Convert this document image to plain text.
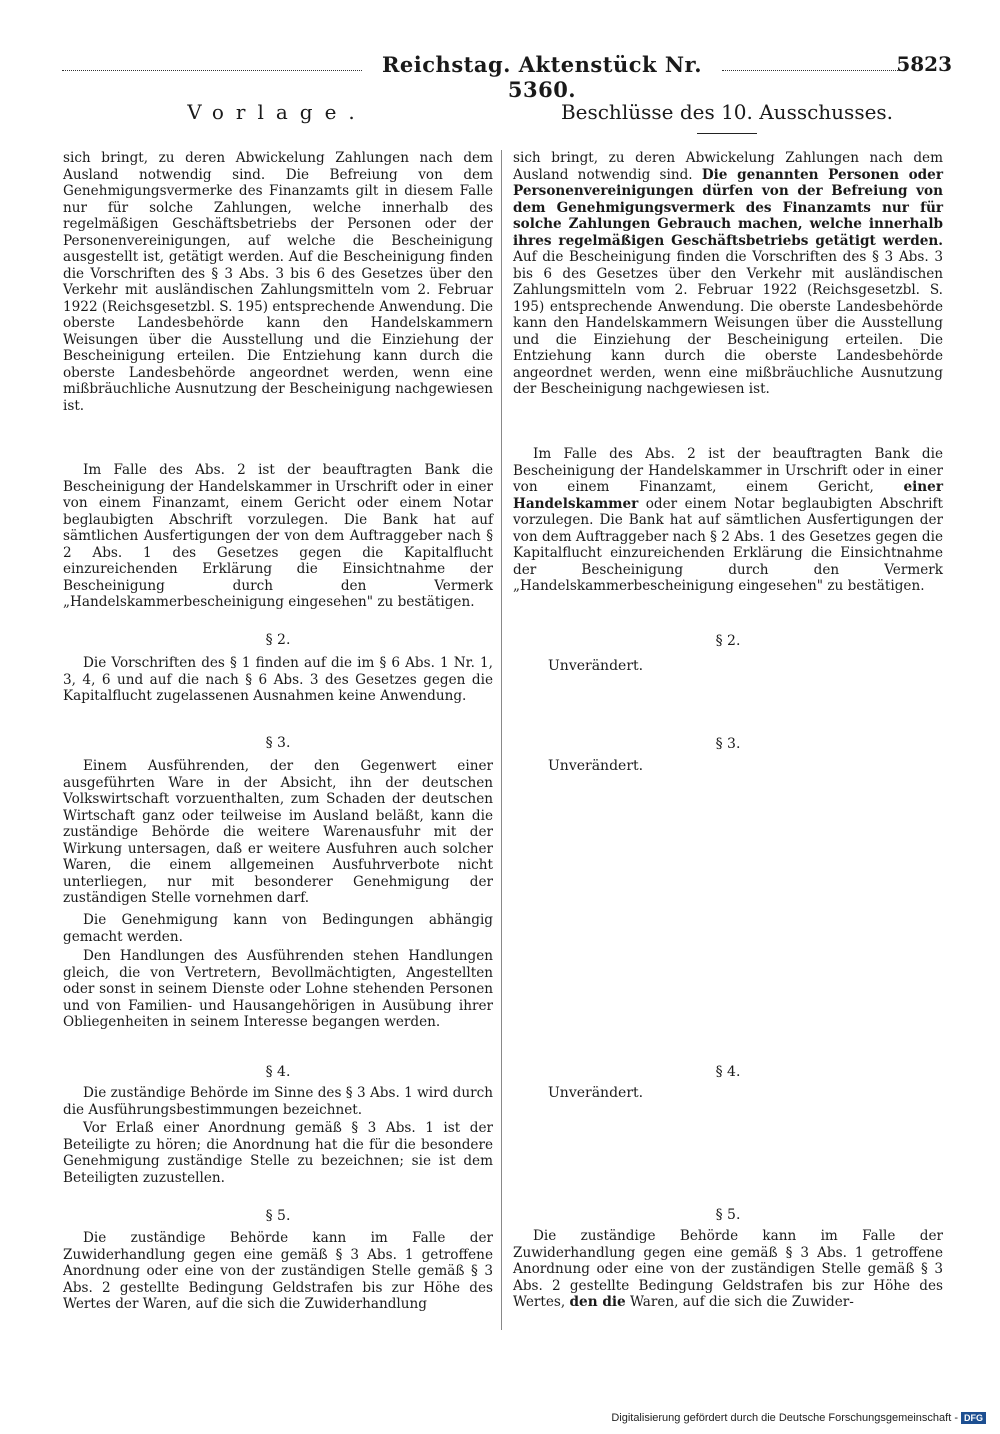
Reichstag. Aktenstück Nr. 5360.
5823
Vorlage.	Beschlüsse des 10. Ausschusses.

sich bringt, zu deren Abwickelung Zahlungen nach dem Ausland notwendig sind. Die Befreiung von dem Genehmigungsvermerke des Finanzamts gilt in diesem Falle nur für solche Zahlungen, welche innerhalb des regelmäßigen Geschäftsbetriebs der Personen oder der Personenvereinigungen, auf welche die Bescheinigung ausgestellt ist, getätigt werden. Auf die Bescheinigung finden die Vorschriften des § 3 Abs. 3 bis 6 des Gesetzes über den Verkehr mit ausländischen Zahlungsmitteln vom 2. Februar 1922 (Reichsgesetzbl. S. 195) entsprechende Anwendung. Die oberste Landesbehörde kann den Handelskammern Weisungen über die Ausstellung und die Einziehung der Bescheinigung erteilen. Die Entziehung kann durch die oberste Landesbehörde angeordnet werden, wenn eine mißbräuchliche Ausnutzung der Bescheinigung nachgewiesen ist.

Im Falle des Abs. 2 ist der beauftragten Bank die Bescheinigung der Handelskammer in Urschrift oder in einer von einem Finanzamt, einem Gericht oder einem Notar beglaubigten Abschrift vorzulegen. Die Bank hat auf sämtlichen Ausfertigungen der von dem Auftraggeber nach § 2 Abs. 1 des Gesetzes gegen die Kapitalflucht einzureichenden Erklärung die Einsichtnahme der Bescheinigung durch den Vermerk „Handelskammerbescheinigung eingesehen" zu bestätigen.

§ 2.

Die Vorschriften des § 1 finden auf die im § 6 Abs. 1 Nr. 1, 3, 4, 6 und auf die nach § 6 Abs. 3 des Gesetzes gegen die Kapitalflucht zugelassenen Ausnahmen keine Anwendung.

§ 3.

Einem Ausführenden, der den Gegenwert einer ausgeführten Ware in der Absicht, ihn der deutschen Volkswirtschaft vorzuenthalten, zum Schaden der deutschen Wirtschaft ganz oder teilweise im Ausland beläßt, kann die zuständige Behörde die weitere Warenausfuhr mit der Wirkung untersagen, daß er weitere Ausfuhren auch solcher Waren, die einem allgemeinen Ausfuhrverbote nicht unterliegen, nur mit besonderer Genehmigung der zuständigen Stelle vornehmen darf.

Die Genehmigung kann von Bedingungen abhängig gemacht werden.

Den Handlungen des Ausführenden stehen Handlungen gleich, die von Vertretern, Bevollmächtigten, Angestellten oder sonst in seinem Dienste oder Lohne stehenden Personen und von Familien- und Hausangehörigen in Ausübung ihrer Obliegenheiten in seinem Interesse begangen werden.

§ 4.

Die zuständige Behörde im Sinne des § 3 Abs. 1 wird durch die Ausführungsbestimmungen bezeichnet.

Vor Erlaß einer Anordnung gemäß § 3 Abs. 1 ist der Beteiligte zu hören; die Anordnung hat die für die besondere Genehmigung zuständige Stelle zu bezeichnen; sie ist dem Beteiligten zuzustellen.

§ 5.

Die zuständige Behörde kann im Falle der Zuwiderhandlung gegen eine gemäß § 3 Abs. 1 getroffene Anordnung oder eine von der zuständigen Stelle gemäß § 3 Abs. 2 gestellte Bedingung Geldstrafen bis zur Höhe des Wertes der Waren, auf die sich die Zuwiderhandlung

sich bringt, zu deren Abwickelung Zahlungen nach dem Ausland notwendig sind. Die genannten Personen oder Personenvereinigungen dürfen von der Befreiung von dem Genehmigungsvermerk des Finanzamts nur für solche Zahlungen Gebrauch machen, welche innerhalb ihres regelmäßigen Geschäftsbetriebs getätigt werden. Auf die Bescheinigung finden die Vorschriften des § 3 Abs. 3 bis 6 des Gesetzes über den Verkehr mit ausländischen Zahlungsmitteln vom 2. Februar 1922 (Reichsgesetzbl. S. 195) entsprechende Anwendung. Die oberste Landesbehörde kann den Handelskammern Weisungen über die Ausstellung und die Einziehung der Bescheinigung erteilen. Die Entziehung kann durch die oberste Landesbehörde angeordnet werden, wenn eine mißbräuchliche Ausnutzung der Bescheinigung nachgewiesen ist.

Im Falle des Abs. 2 ist der beauftragten Bank die Bescheinigung der Handelskammer in Urschrift oder in einer von einem Finanzamt, einem Gericht, einer Handelskammer oder einem Notar beglaubigten Abschrift vorzulegen. Die Bank hat auf sämtlichen Ausfertigungen der von dem Auftraggeber nach § 2 Abs. 1 des Gesetzes gegen die Kapitalflucht einzureichenden Erklärung die Einsichtnahme der Bescheinigung durch den Vermerk „Handelskammerbescheinigung eingesehen" zu bestätigen.

§ 2.
Unverändert.
§ 3.
Unverändert.
§ 4.
Unverändert.
§ 5.

Die zuständige Behörde kann im Falle der Zuwiderhandlung gegen eine gemäß § 3 Abs. 1 getroffene Anordnung oder eine von der zuständigen Stelle gemäß § 3 Abs. 2 gestellte Bedingung Geldstrafen bis zur Höhe des Wertes, den die Waren, auf die sich die Zuwider-

Digitalisierung gefördert durch die Deutsche Forschungsgemeinschaft - DFG
